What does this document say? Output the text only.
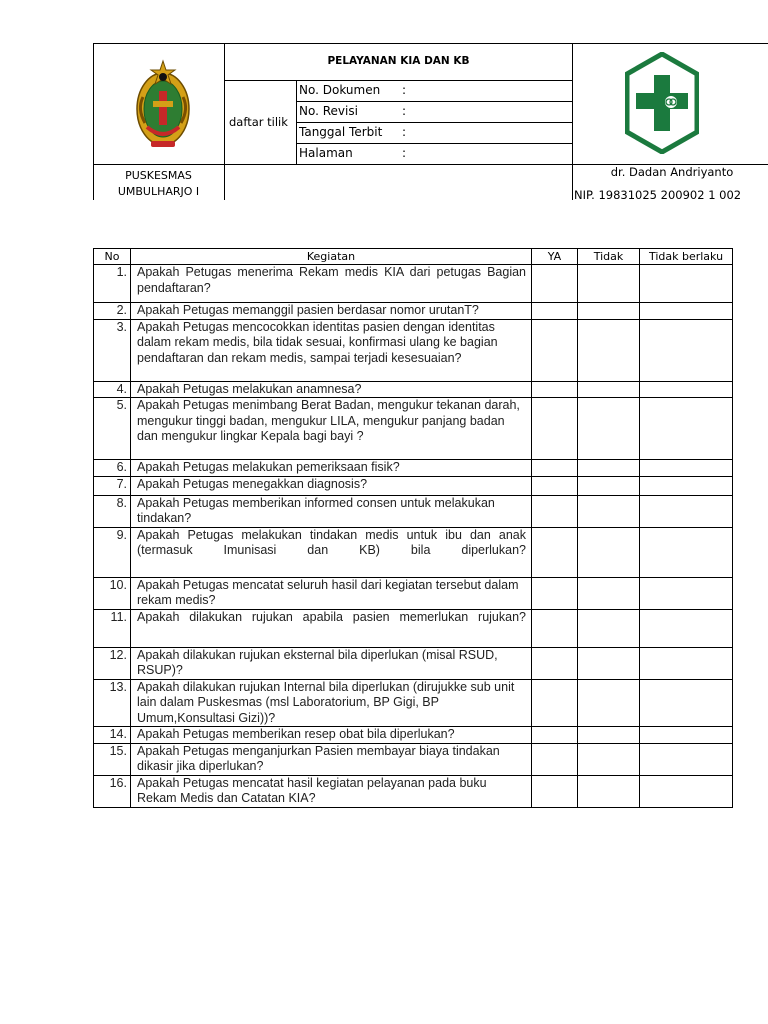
PELAYANAN KIA DAN KB
daftar tilik
No. Dokumen :
No. Revisi	:
Tanggal Terbit :
Halaman	:
PUSKESMAS
UMBULHARJO I
dr. Dadan Andriyanto
NIP. 19831025 200902 1 002
No	Kegiatan	YA	Tidak	Tidak berlaku
1.	Apakah Petugas menerima Rekam medis KIA dari petugas Bagian pendaftaran?			
2.	Apakah Petugas memanggil pasien berdasar nomor urutanT?			
3.	Apakah Petugas mencocokkan identitas pasien dengan identitas dalam rekam medis, bila tidak sesuai, konfirmasi ulang ke bagian pendaftaran dan rekam medis, sampai terjadi kesesuaian?			
4.	Apakah Petugas melakukan anamnesa?			
5.	Apakah Petugas menimbang Berat Badan, mengukur tekanan darah, mengukur tinggi badan, mengukur LILA, mengukur panjang badan dan mengukur lingkar Kepala bagi bayi ?			
6.	Apakah Petugas melakukan pemeriksaan fisik?			
7.	Apakah Petugas menegakkan diagnosis?			
8.	Apakah Petugas memberikan informed consen untuk melakukan tindakan?			
9.	Apakah Petugas melakukan tindakan medis untuk ibu dan anak (termasuk Imunisasi dan KB) bila diperlukan?			
10.	Apakah Petugas mencatat seluruh hasil dari kegiatan tersebut dalam rekam medis?			
11.	Apakah dilakukan rujukan apabila pasien memerlukan rujukan?			
12.	Apakah dilakukan rujukan eksternal bila diperlukan (misal RSUD, RSUP)?			
13.	Apakah dilakukan rujukan Internal bila diperlukan (dirujukke sub unit lain dalam Puskesmas (msl Laboratorium, BP Gigi, BP Umum,Konsultasi Gizi))?			
14.	Apakah Petugas memberikan resep obat bila diperlukan?			
15.	Apakah Petugas menganjurkan Pasien membayar biaya tindakan dikasir jika diperlukan?			
16.	Apakah Petugas mencatat hasil kegiatan pelayanan pada buku Rekam Medis dan Catatan KIA?			
